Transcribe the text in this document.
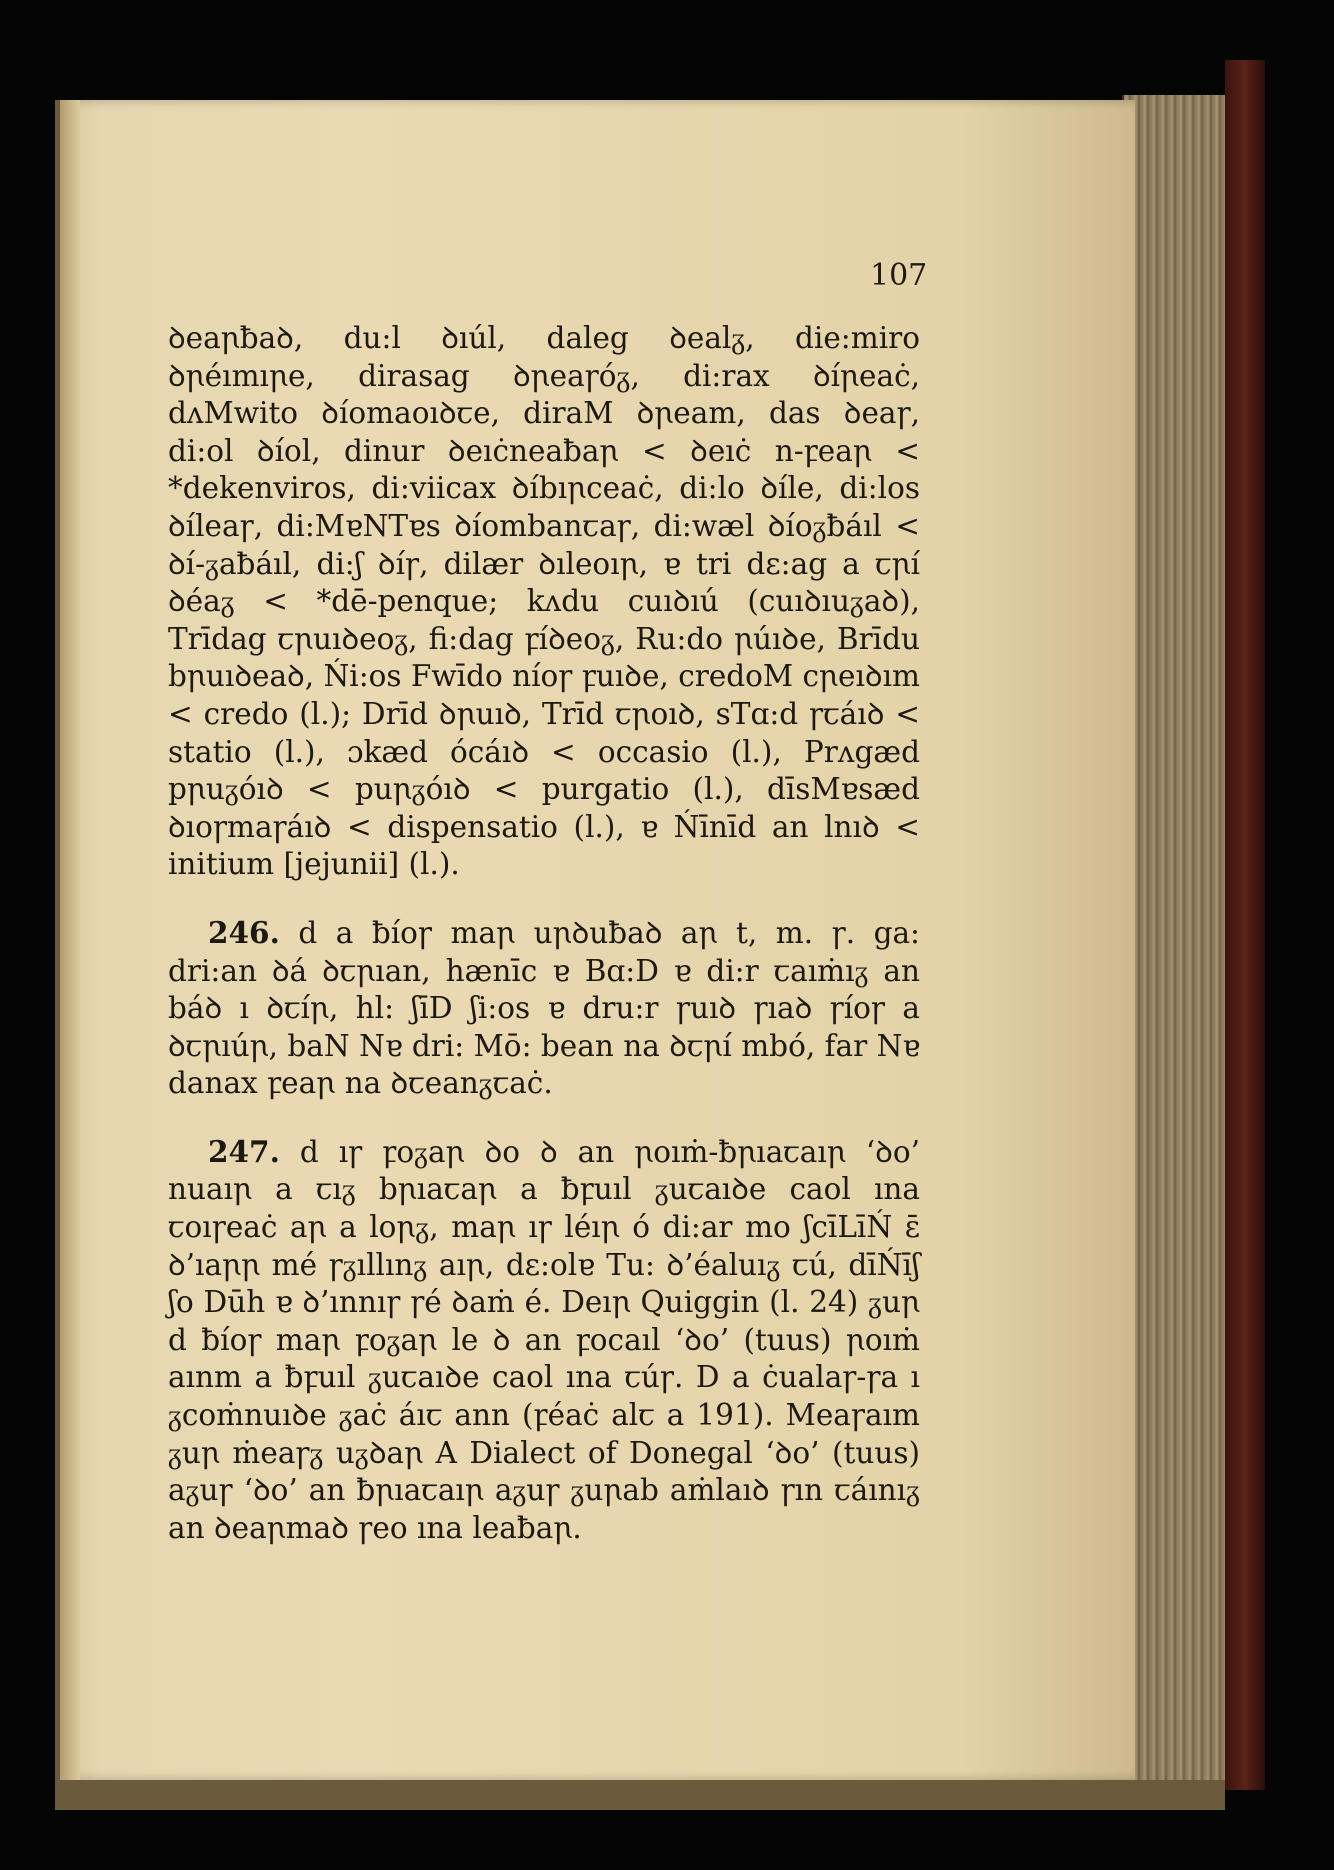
107

ꝺeaꞃƀaꝺ, du:l ꝺıúl, daleg ꝺealᵹ, die:miro ꝺꞃéımıꞃe, dirasag ꝺꞃeaꞅóᵹ, di:rax ꝺíꞃeaċ, dʌMwito ꝺíomaoıꝺꞇe, diraM ꝺꞃeam, das ꝺeaꞅ, di:ol ꝺíol, dinur ꝺeıċneaƀaꞃ < ꝺeıċ n-ꝼeaꞃ < *dekenviros, di:viicax ꝺíbıꞃceaċ, di:lo ꝺíle, di:los ꝺíleaꞅ, di:MɐNTɐs ꝺíombanꞇaꞅ, di:wæl ꝺíoᵹƀáıl < ꝺí-ᵹaƀáıl, di:ʃ ꝺíꞅ, dilær ꝺıleoıꞃ, ɐ tri dɛ:ag a ꞇꞃí ꝺéaᵹ < *dē-penque; kʌdu cuıꝺıú (cuıꝺıuᵹaꝺ), Trīdag ꞇꞃuıꝺeoᵹ, fi:dag ꝼíꝺeoᵹ, Ru:do ꞃúıꝺe, Brīdu bꞃuıꝺeaꝺ, Ńi:os Fwīdo níoꞅ ꝼuıꝺe, credoM cꞃeıꝺım < credo (l.); Drīd ꝺꞃuıꝺ, Trīd ꞇꞃoıꝺ, sTɑ:d ꞅꞇáıꝺ < statio (l.), ɔkæd ócáıꝺ < occasio (l.), Prʌgæd pꞃuᵹóıꝺ < puꞃᵹóıꝺ < purgatio (l.), dīsMɐsæd ꝺıoꞅmaꞅáıꝺ < dispensatio (l.), ɐ Ńīnīd an lnıꝺ < initium [jejunii] (l.).

246. d a ƀíoꞅ maꞃ uꞃꝺuƀaꝺ aꞃ t, m. ꞅ. ga: dri:an ꝺá ꝺꞇꞃıan, hænīc ɐ Bɑ:D ɐ di:r ꞇaıṁıᵹ an báꝺ ı ꝺꞇíꞃ, hl: ʃīD ʃi:os ɐ dru:r ꞅuıꝺ ꞅıaꝺ ꞅíoꞅ a ꝺꞇꞃıúꞃ, baN Nɐ dri: Mō: bean na ꝺꞇꞃí mbó, far Nɐ danax ꝼeaꞃ na ꝺꞇeanᵹꞇaċ.

247. d ıꞅ ꝼoᵹaꞃ ꝺo ꝺ an ꞃoıṁ-ƀꞃıaꞇaıꞃ ‘ꝺo’ nuaıꞃ a ꞇıᵹ bꞃıaꞇaꞃ a ƀꝼuıl ᵹuꞇaıꝺe caol ına ꞇoıꞅeaċ aꞃ a loꞃᵹ, maꞃ ıꞅ léıꞃ ó di:ar mo ʃcīLīŃ ɛ̄ ꝺ’ıaꞃꞃ mé ꞅᵹıllınᵹ aıꞃ, dɛ:olɐ Tu: ꝺ’éaluıᵹ ꞇú, dīŃīʃ ʃo Dūh ɐ ꝺ’ınnıꞅ ꞅé ꝺaṁ é. Deıꞃ Quiggin (l. 24) ᵹuꞃ d ƀíoꞅ maꞃ ꝼoᵹaꞃ le ꝺ an ꝼocaıl ‘ꝺo’ (tuus) ꞃoıṁ aınm a ƀꝼuıl ᵹuꞇaıꝺe caol ına ꞇúꞅ. D a ċualaꞅ-ꞅa ı ᵹcoṁnuıꝺe ᵹaċ áıꞇ ann (ꝼéaċ alꞇ a 191). Meaꞅaım ᵹuꞃ ṁeaꞅᵹ uᵹꝺaꞃ A Dialect of Donegal ‘ꝺo’ (tuus) aᵹuꞅ ‘ꝺo’ an ƀꞃıaꞇaıꞃ aᵹuꞅ ᵹuꞃab aṁlaıꝺ ꞅın ꞇáınıᵹ an ꝺeaꞃmaꝺ ꞅeo ına leaƀaꞃ.
